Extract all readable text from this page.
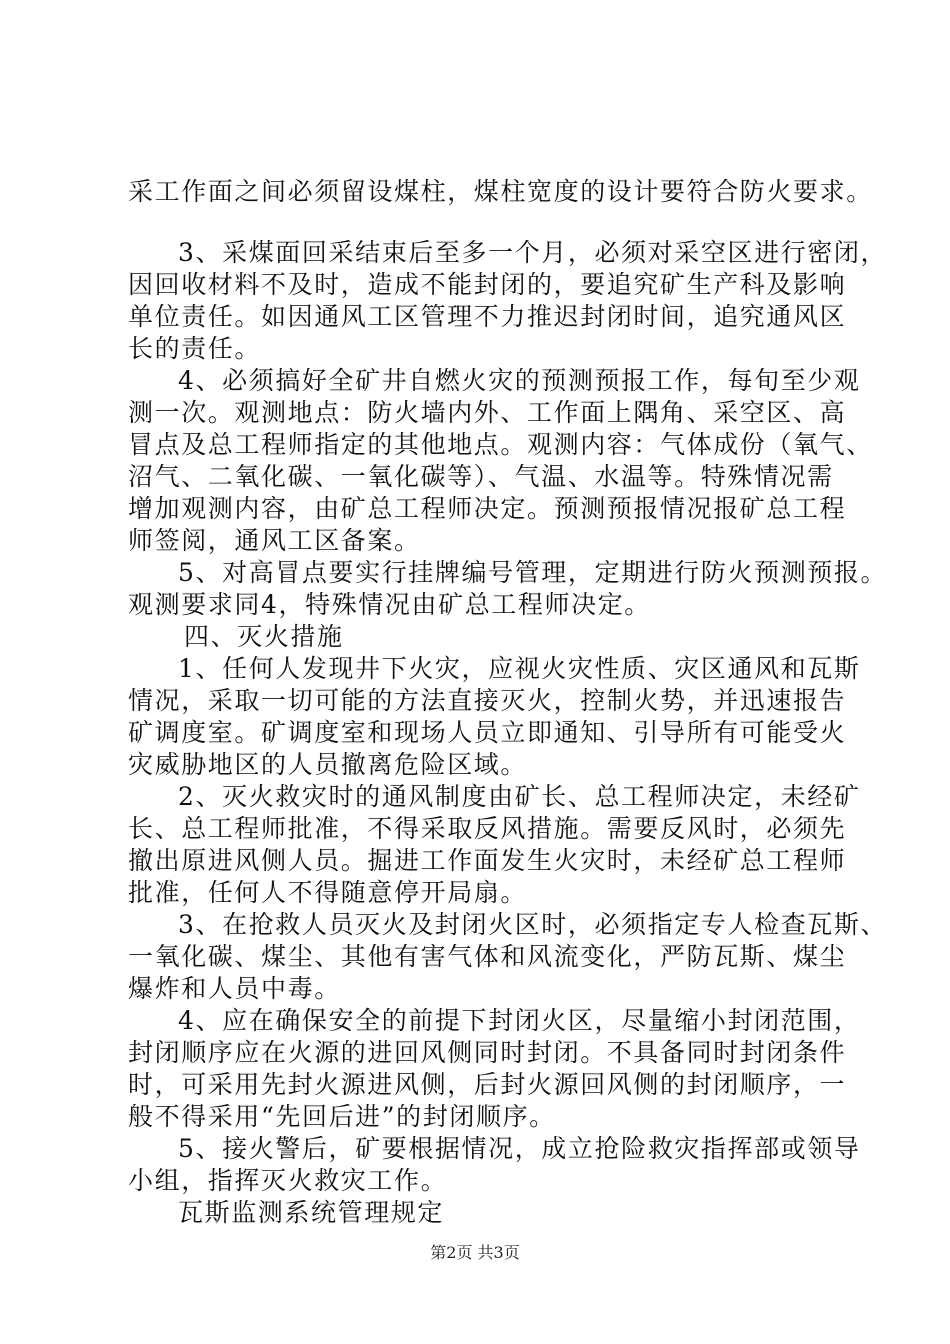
采工作面之间必须留设煤柱，煤柱宽度的设计要符合防火要求。
3、采煤面回采结束后至多一个月，必须对采空区进行密闭，
因回收材料不及时，造成不能封闭的，要追究矿生产科及影响
单位责任。如因通风工区管理不力推迟封闭时间，追究通风区
长的责任。
4、必须搞好全矿井自燃火灾的预测预报工作，每旬至少观
测一次。观测地点：防火墙内外、工作面上隅角、采空区、高
冒点及总工程师指定的其他地点。观测内容：气体成份（氧气、
沼气、二氧化碳、一氧化碳等）、气温、水温等。特殊情况需
增加观测内容，由矿总工程师决定。预测预报情况报矿总工程
师签阅，通风工区备案。
5、对高冒点要实行挂牌编号管理，定期进行防火预测预报。
观测要求同4，特殊情况由矿总工程师决定。
四、灭火措施
1、任何人发现井下火灾，应视火灾性质、灾区通风和瓦斯
情况，采取一切可能的方法直接灭火，控制火势，并迅速报告
矿调度室。矿调度室和现场人员立即通知、引导所有可能受火
灾威胁地区的人员撤离危险区域。
2、灭火救灾时的通风制度由矿长、总工程师决定，未经矿
长、总工程师批准，不得采取反风措施。需要反风时，必须先
撤出原进风侧人员。掘进工作面发生火灾时，未经矿总工程师
批准，任何人不得随意停开局扇。
3、在抢救人员灭火及封闭火区时，必须指定专人检查瓦斯、
一氧化碳、煤尘、其他有害气体和风流变化，严防瓦斯、煤尘
爆炸和人员中毒。
4、应在确保安全的前提下封闭火区，尽量缩小封闭范围，
封闭顺序应在火源的进回风侧同时封闭。不具备同时封闭条件
时，可采用先封火源进风侧，后封火源回风侧的封闭顺序，一
般不得采用“先回后进”的封闭顺序。
5、接火警后，矿要根据情况，成立抢险救灾指挥部或领导
小组，指挥灭火救灾工作。
瓦斯监测系统管理规定
第2页 共3页
